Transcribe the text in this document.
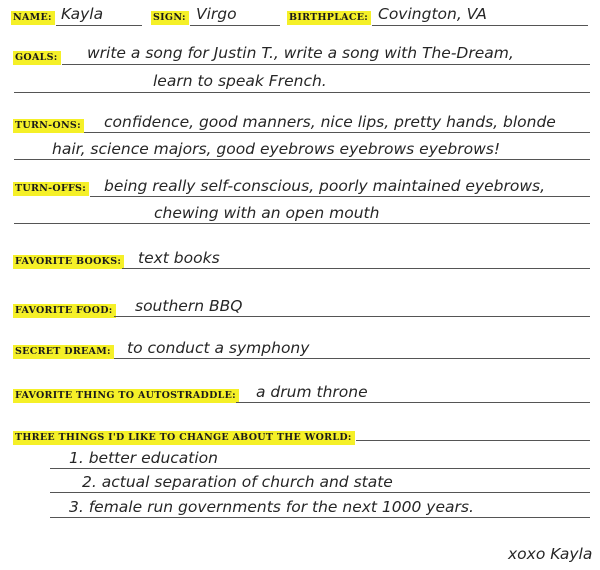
NAME: Kayla	SIGN: Virgo	BIRTHPLACE: Covington, VA
GOALS: write a song for Justin T., write a song with The-Dream,
learn to speak French.
TURN-ONS: confidence, good manners, nice lips, pretty hands, blonde
hair, science majors, good eyebrows eyebrows eyebrows!
TURN-OFFS: being really self-conscious, poorly maintained eyebrows,
chewing with an open mouth
FAVORITE BOOKS: text books
FAVORITE FOOD: southern BBQ
SECRET DREAM: to conduct a symphony
FAVORITE THING TO AUTOSTRADDLE: a drum throne
THREE THINGS I'D LIKE TO CHANGE ABOUT THE WORLD:
1. better education
2. actual separation of church and state
3. female run governments for the next 1000 years.
xoxo Kayla
